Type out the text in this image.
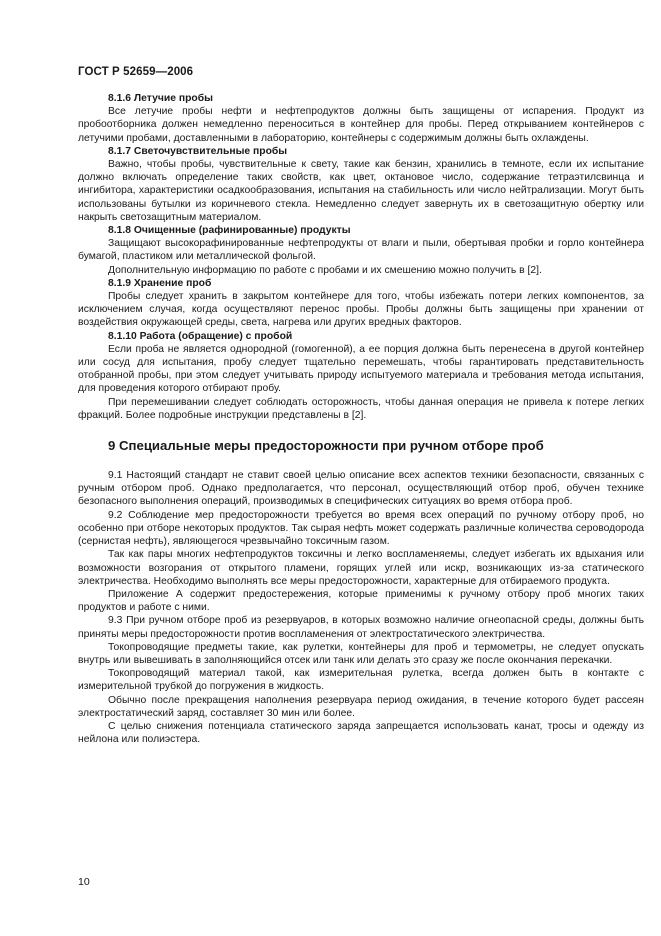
ГОСТ Р 52659—2006

8.1.6 Летучие пробы

Все летучие пробы нефти и нефтепродуктов должны быть защищены от испарения. Продукт из пробоотборника должен немедленно переноситься в контейнер для пробы. Перед открыванием контейнеров с летучими пробами, доставленными в лабораторию, контейнеры с содержимым должны быть охлаждены.

8.1.7 Светочувствительные пробы

Важно, чтобы пробы, чувствительные к свету, такие как бензин, хранились в темноте, если их испытание должно включать определение таких свойств, как цвет, октановое число, содержание тетраэтилсвинца и ингибитора, характеристики осадкообразования, испытания на стабильность или число нейтрализации. Могут быть использованы бутылки из коричневого стекла. Немедленно следует завернуть их в светозащитную обертку или накрыть светозащитным материалом.

8.1.8 Очищенные (рафинированные) продукты

Защищают высокорафинированные нефтепродукты от влаги и пыли, обертывая пробки и горло контейнера бумагой, пластиком или металлической фольгой.

Дополнительную информацию по работе с пробами и их смешению можно получить в [2].

8.1.9 Хранение проб

Пробы следует хранить в закрытом контейнере для того, чтобы избежать потери легких компонентов, за исключением случая, когда осуществляют перенос пробы. Пробы должны быть защищены при хранении от воздействия окружающей среды, света, нагрева или других вредных факторов.

8.1.10 Работа (обращение) с пробой

Если проба не является однородной (гомогенной), а ее порция должна быть перенесена в другой контейнер или сосуд для испытания, пробу следует тщательно перемешать, чтобы гарантировать представительность отобранной пробы, при этом следует учитывать природу испытуемого материала и требования метода испытания, для проведения которого отбирают пробу.

При перемешивании следует соблюдать осторожность, чтобы данная операция не привела к потере легких фракций. Более подробные инструкции представлены в [2].

9 Специальные меры предосторожности при ручном отборе проб

9.1 Настоящий стандарт не ставит своей целью описание всех аспектов техники безопасности, связанных с ручным отбором проб. Однако предполагается, что персонал, осуществляющий отбор проб, обучен технике безопасного выполнения операций, производимых в специфических ситуациях во время отбора проб.

9.2 Соблюдение мер предосторожности требуется во время всех операций по ручному отбору проб, но особенно при отборе некоторых продуктов. Так сырая нефть может содержать различные количества сероводорода (сернистая нефть), являющегося чрезвычайно токсичным газом.

Так как пары многих нефтепродуктов токсичны и легко воспламеняемы, следует избегать их вдыхания или возможности возгорания от открытого пламени, горящих углей или искр, возникающих из-за статического электричества. Необходимо выполнять все меры предосторожности, характерные для отбираемого продукта.

Приложение А содержит предостережения, которые применимы к ручному отбору проб многих таких продуктов и работе с ними.

9.3 При ручном отборе проб из резервуаров, в которых возможно наличие огнеопасной среды, должны быть приняты меры предосторожности против воспламенения от электростатического электричества.

Токопроводящие предметы такие, как рулетки, контейнеры для проб и термометры, не следует опускать внутрь или вывешивать в заполняющийся отсек или танк или делать это сразу же после окончания перекачки.

Токопроводящий материал такой, как измерительная рулетка, всегда должен быть в контакте с измерительной трубкой до погружения в жидкость.

Обычно после прекращения наполнения резервуара период ожидания, в течение которого будет рассеян электростатический заряд, составляет 30 мин или более.

С целью снижения потенциала статического заряда запрещается использовать канат, тросы и одежду из нейлона или полиэстера.

10
